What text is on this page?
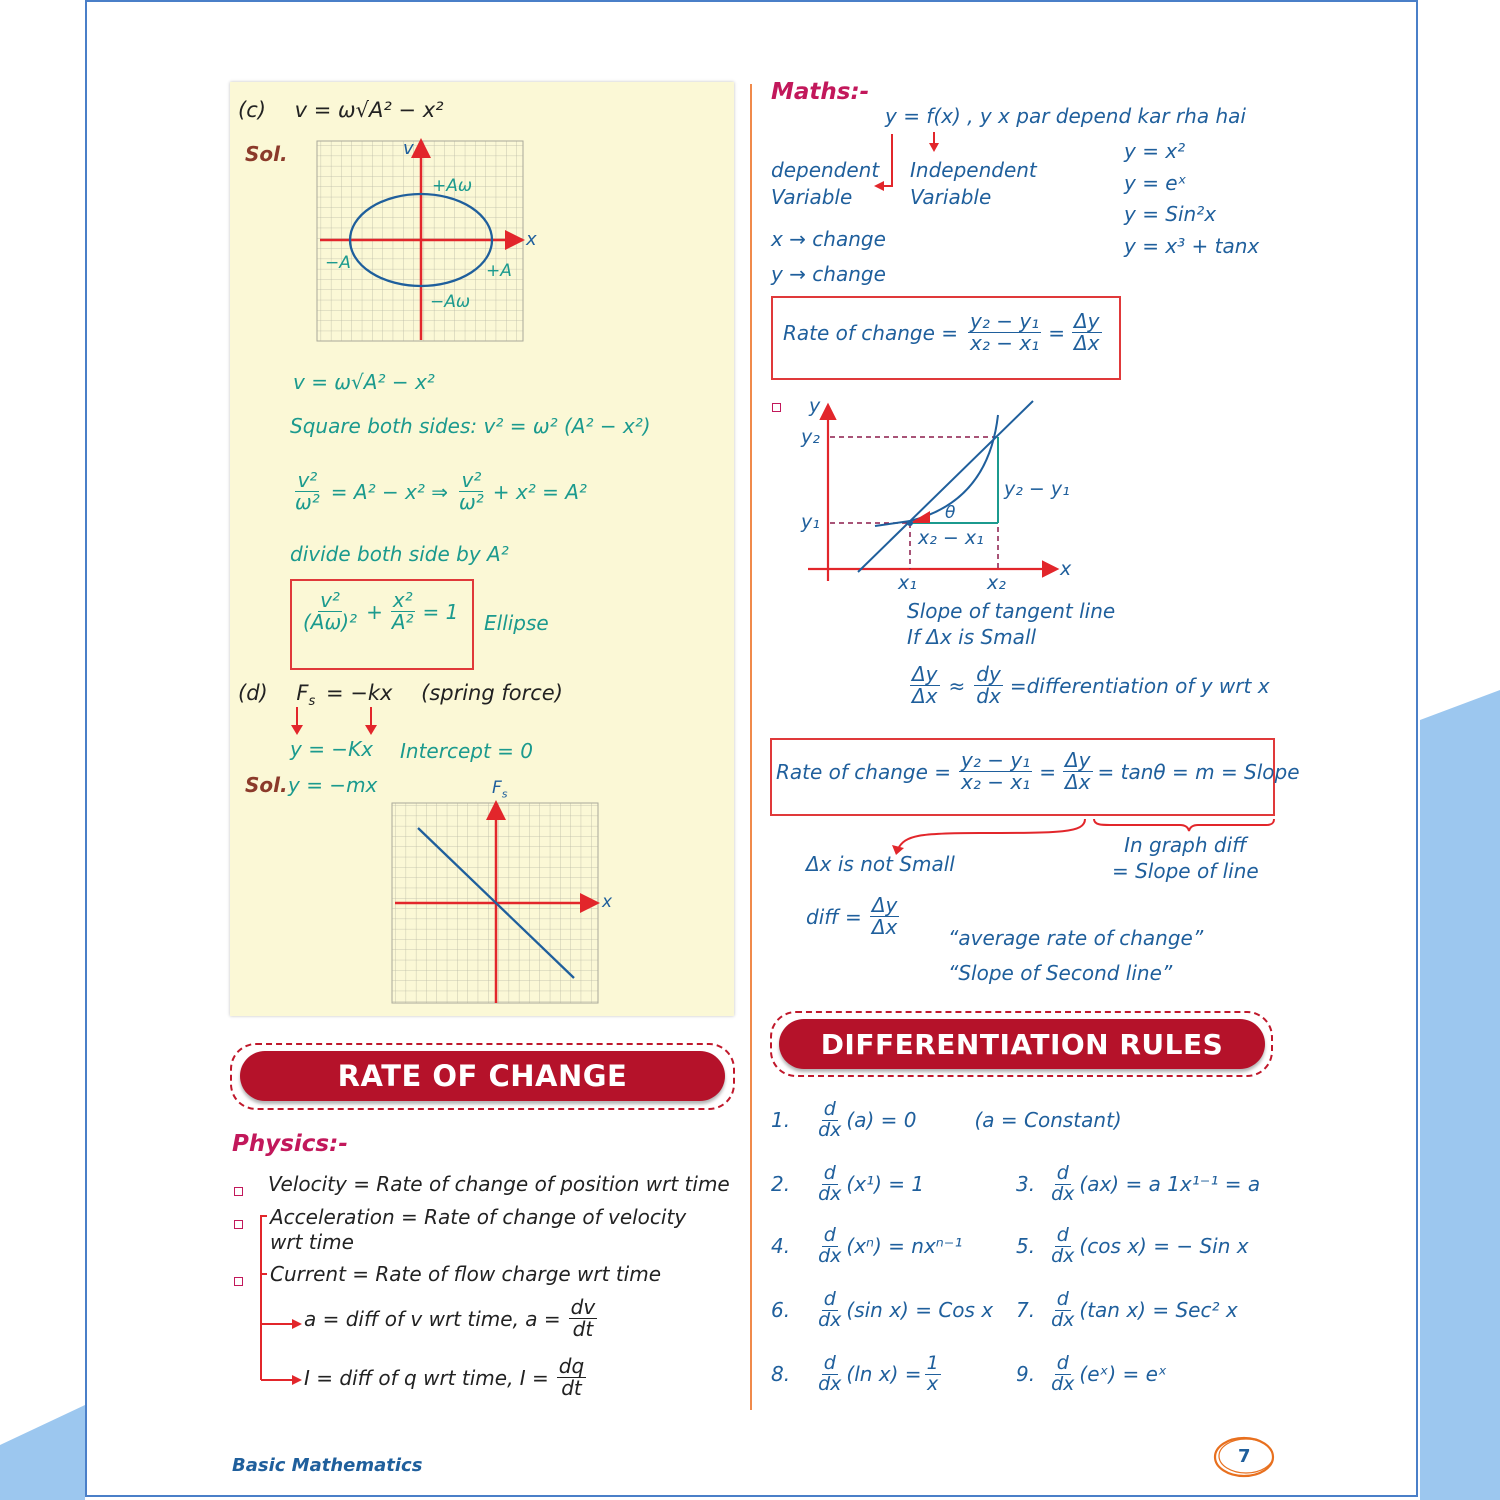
(c) v = ω√A² − x²
Sol.	v
x
+Aω
−Aω
−A	+A
v = ω√A² − x²
Square both sides: v² = ω² (A² − x²)
$\frac{\text{v²}}{\text{ω²}} = A^2 - x^2$ ⇒ $\frac{\text{v²}}{\text{ω²}} + x^2 = A^2$
divide both side by A²
$\frac{\text{v²}}{\text{(Aω)²}} + \frac{\text{x²}}{\text{A²}} = 1$ Ellipse
(d) $F_s = -kx$ (spring force)
y = −Kx Intercept = 0
Sol. y = −mx	$F_s$
x
RATE OF CHANGE
Physics:-
Velocity = Rate of change of position wrt time
Acceleration = Rate of change of velocity
wrt time
Current = Rate of flow charge wrt time
a = diff of v wrt time, $a = \frac{dv}{dt}$
I = diff of q wrt time, $I = \frac{dq}{dt}$
Maths:-
y = f(x) , y x par depend kar rha hai
dependent
Variable
Independent
Variable
x → change
y → change
y = x²
y = eˣ
y = Sin²x
y = x³ + tanx
Rate of change = $\frac{\text{y₂ − y₁}}{\text{x₂ − x₁}} = \frac{\Delta y}{\Delta x}$
y
x
y₂
y₁
x₁	x₂
θ
y₂ − y₁
x₂ − x₁
Slope of tangent line
If Δx is Small
$\frac{\Delta y}{\Delta x} \approx \frac{dy}{dx}$ =differentiation of y wrt x
Rate of change = $\frac{\text{y₂ − y₁}}{\text{x₂ − x₁}} = \frac{\Delta y}{\Delta x} = \tan\theta = m$ = Slope
Δx is not Small
In graph diff
= Slope of line
diff = $\frac{\Delta y}{\Delta x}$ “average rate of change”
“Slope of Second line”
DIFFERENTIATION RULES
1. $\frac{d}{dx} (a) = 0$	(a = Constant)
2. $\frac{d}{dx} (x^1) = 1$	3. $\frac{d}{dx} (ax) = a$ 1x¹⁻¹ = a
4. $\frac{d}{dx} (x^n) = nx^{n-1}$	5. $\frac{d}{dx} (\cos$ x) = − Sin x
6. $\frac{d}{dx} (\sin$ x) = Cos x 7. $\frac{d}{dx} (\tan$ x) = Sec² x
8. $\frac{d}{dx} (\ln$ $x) = \frac{1}{x}$	9. $\frac{d}{dx}$ (eˣ) = eˣ
Basic Mathematics	7
